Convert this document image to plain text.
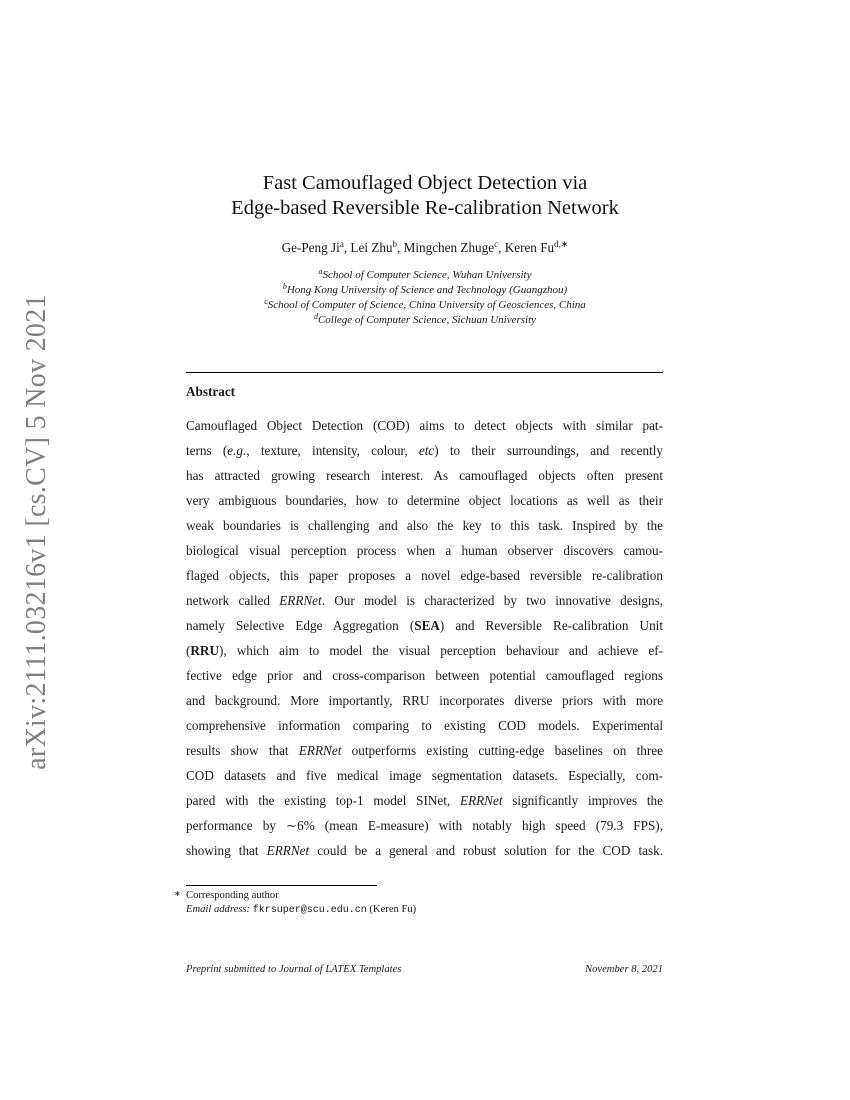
arXiv:2111.03216v1 [cs.CV] 5 Nov 2021
Fast Camouflaged Object Detection via
Edge-based Reversible Re-calibration Network
Ge-Peng Ji$^a$, Lei Zhu$^b$, Mingchen Zhuge$^c$, Keren $Fu^{d,∗}$
$^a$School of Computer Science, Wuhan University
$^b$Hong Kong University of Science and Technology (Guangzhou)
$^c$School of Computer of Science, China University of Geosciences, China
$^d$College of Computer Science, Sichuan University
Abstract
Camouflaged Object Detection (COD) aims to detect objects with similar pat-
terns (e.g., texture, intensity, colour, etc) to their surroundings, and recently
has attracted growing research interest. As camouflaged objects often present
very ambiguous boundaries, how to determine object locations as well as their
weak boundaries is challenging and also the key to this task. Inspired by the
biological visual perception process when a human observer discovers camou-
flaged objects, this paper proposes a novel edge-based reversible re-calibration
network called ERRNet. Our model is characterized by two innovative designs,
namely Selective Edge Aggregation (SEA) and Reversible Re-calibration Unit
(RRU), which aim to model the visual perception behaviour and achieve ef-
fective edge prior and cross-comparison between potential camouflaged regions
and background. More importantly, RRU incorporates diverse priors with more
comprehensive information comparing to existing COD models. Experimental
results show that ERRNet outperforms existing cutting-edge baselines on three
COD datasets and five medical image segmentation datasets. Especially, com-
pared with the existing top-1 model SINet, ERRNet significantly improves the
performance by ∼6% (mean E-measure) with notably high speed (79.3 FPS),
showing that ERRNet could be a general and robust solution for the COD task.
∗ Corresponding author
Email address: fkrsuper@scu.edu.cn (Keren Fu)
Preprint submitted to Journal of LATEX Templates	November 8, 2021
